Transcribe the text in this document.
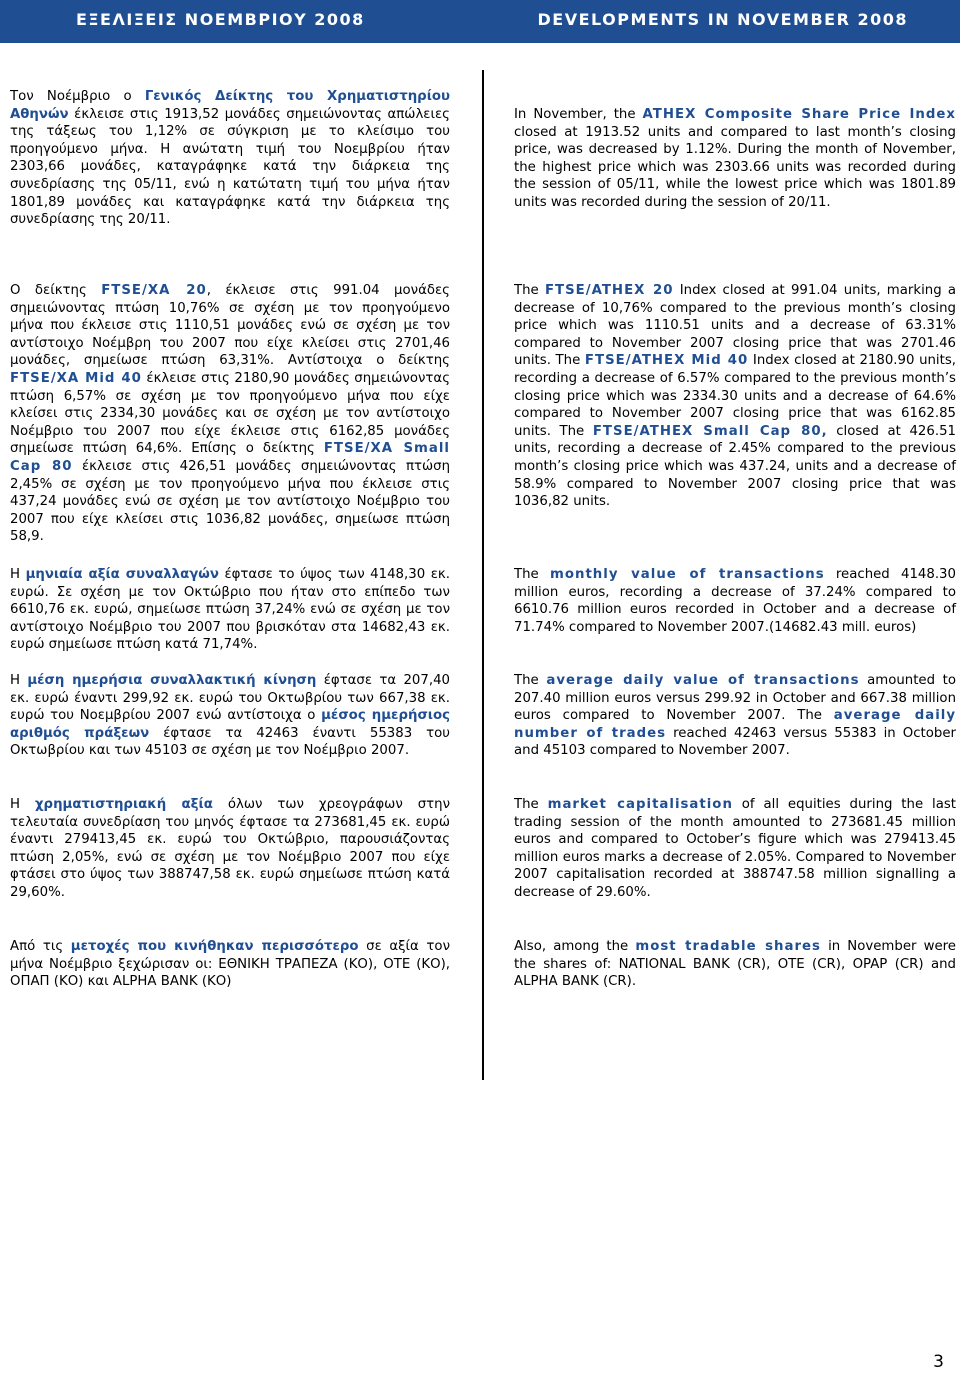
ΕΞΕΛΙΞΕΙΣ ΝΟΕΜΒΡΙΟΥ 2008	DEVELOPMENTS IN NOVEMBER 2008

Τον Νοέμβριο ο Γενικός Δείκτης του Χρηματιστηρίου Αθηνών έκλεισε στις 1913,52 μονάδες σημειώνοντας απώλειες της τάξεως του 1,12% σε σύγκριση με το κλείσιμο του προηγούμενο μήνα. Η ανώτατη τιμή του Νοεμβρίου ήταν 2303,66 μονάδες, καταγράφηκε κατά την διάρκεια της συνεδρίασης της 05/11, ενώ η κατώτατη τιμή του μήνα ήταν 1801,89 μονάδες και καταγράφηκε κατά την διάρκεια της συνεδρίασης της 20/11.

Ο δείκτης FTSE/XA 20, έκλεισε στις 991.04 μονάδες σημειώνοντας πτώση 10,76% σε σχέση με τον προηγούμενο μήνα που έκλεισε στις 1110,51 μονάδες ενώ σε σχέση με τον αντίστοιχο Νοέμβρη του 2007 που είχε κλείσει στις 2701,46 μονάδες, σημείωσε πτώση 63,31%. Αντίστοιχα ο δείκτης FTSE/XA Mid 40 έκλεισε στις 2180,90 μονάδες σημειώνοντας πτώση 6,57% σε σχέση με τον προηγούμενο μήνα που είχε κλείσει στις 2334,30 μονάδες και σε σχέση με τον αντίστοιχο Νοέμβριο του 2007 που είχε έκλεισε στις 6162,85 μονάδες σημείωσε πτώση 64,6%. Επίσης ο δείκτης FTSE/XA Small Cap 80 έκλεισε στις 426,51 μονάδες σημειώνοντας πτώση 2,45% σε σχέση με τον προηγούμενο μήνα που έκλεισε στις 437,24 μονάδες ενώ σε σχέση με τον αντίστοιχο Νοέμβριο του 2007 που είχε κλείσει στις 1036,82 μονάδες, σημείωσε πτώση 58,9.

Η μηνιαία αξία συναλλαγών έφτασε το ύψος των 4148,30 εκ. ευρώ. Σε σχέση με τον Οκτώβριο που ήταν στο επίπεδο των 6610,76 εκ. ευρώ, σημείωσε πτώση 37,24% ενώ σε σχέση με τον αντίστοιχο Νοέμβριο του 2007 που βρισκόταν στα 14682,43 εκ. ευρώ σημείωσε πτώση κατά 71,74%.

Η μέση ημερήσια συναλλακτική κίνηση έφτασε τα 207,40 εκ. ευρώ έναντι 299,92 εκ. ευρώ του Οκτωβρίου των 667,38 εκ. ευρώ του Νοεμβρίου 2007 ενώ αντίστοιχα ο μέσος ημερήσιος αριθμός πράξεων έφτασε τα 42463 έναντι 55383 του Οκτωβρίου και των 45103 σε σχέση με τον Νοέμβριο 2007.

Η χρηματιστηριακή αξία όλων των χρεογράφων στην τελευταία συνεδρίαση του μηνός έφτασε τα 273681,45 εκ. ευρώ έναντι 279413,45 εκ. ευρώ του Οκτώβριο, παρουσιάζοντας πτώση 2,05%, ενώ σε σχέση με τον Νοέμβριο 2007 που είχε φτάσει στο ύψος των 388747,58 εκ. ευρώ σημείωσε πτώση κατά 29,60%.

Από τις μετοχές που κινήθηκαν περισσότερο σε αξία τον μήνα Νοέμβριο ξεχώρισαν οι: ΕΘΝΙΚΗ ΤΡΑΠΕΖΑ (ΚΟ), ΟΤΕ (ΚΟ), ΟΠΑΠ (ΚΟ) και ALPHA BANK (ΚΟ)

In November, the ATHEX Composite Share Price Index closed at 1913.52 units and compared to last month’s closing price, was decreased by 1.12%. During the month of November, the highest price which was 2303.66 units was recorded during the session of 05/11, while the lowest price which was 1801.89 units was recorded during the session of 20/11.

The FTSE/ATHEX 20 Index closed at 991.04 units, marking a decrease of 10,76% compared to the previous month’s closing price which was 1110.51 units and a decrease of 63.31% compared to November 2007 closing price that was 2701.46 units. The FTSE/ATHEX Mid 40 Index closed at 2180.90 units, recording a decrease of 6.57% compared to the previous month’s closing price which was 2334.30 units and a decrease of 64.6% compared to November 2007 closing price that was 6162.85 units. The FTSE/ATHEX Small Cap 80, closed at 426.51 units, recording a decrease of 2.45% compared to the previous month’s closing price which was 437.24, units and a decrease of 58.9% compared to November 2007 closing price that was 1036,82 units.

The monthly value of transactions reached 4148.30 million euros, recording a decrease of 37.24% compared to 6610.76 million euros recorded in October and a decrease of 71.74% compared to November 2007.(14682.43 mill. euros)

The average daily value of transactions amounted to 207.40 million euros versus 299.92 in October and 667.38 million euros compared to November 2007. The average daily number of trades reached 42463 versus 55383 in October and 45103 compared to November 2007.

The market capitalisation of all equities during the last trading session of the month amounted to 273681.45 million euros and compared to October’s figure which was 279413.45 million euros marks a decrease of 2.05%. Compared to November 2007 capitalisation recorded at 388747.58 million signalling a decrease of 29.60%.

Also, among the most tradable shares in November were the shares of: NATIONAL BANK (CR), OTE (CR), OPAP (CR) and ALPHA BANK (CR).

3
